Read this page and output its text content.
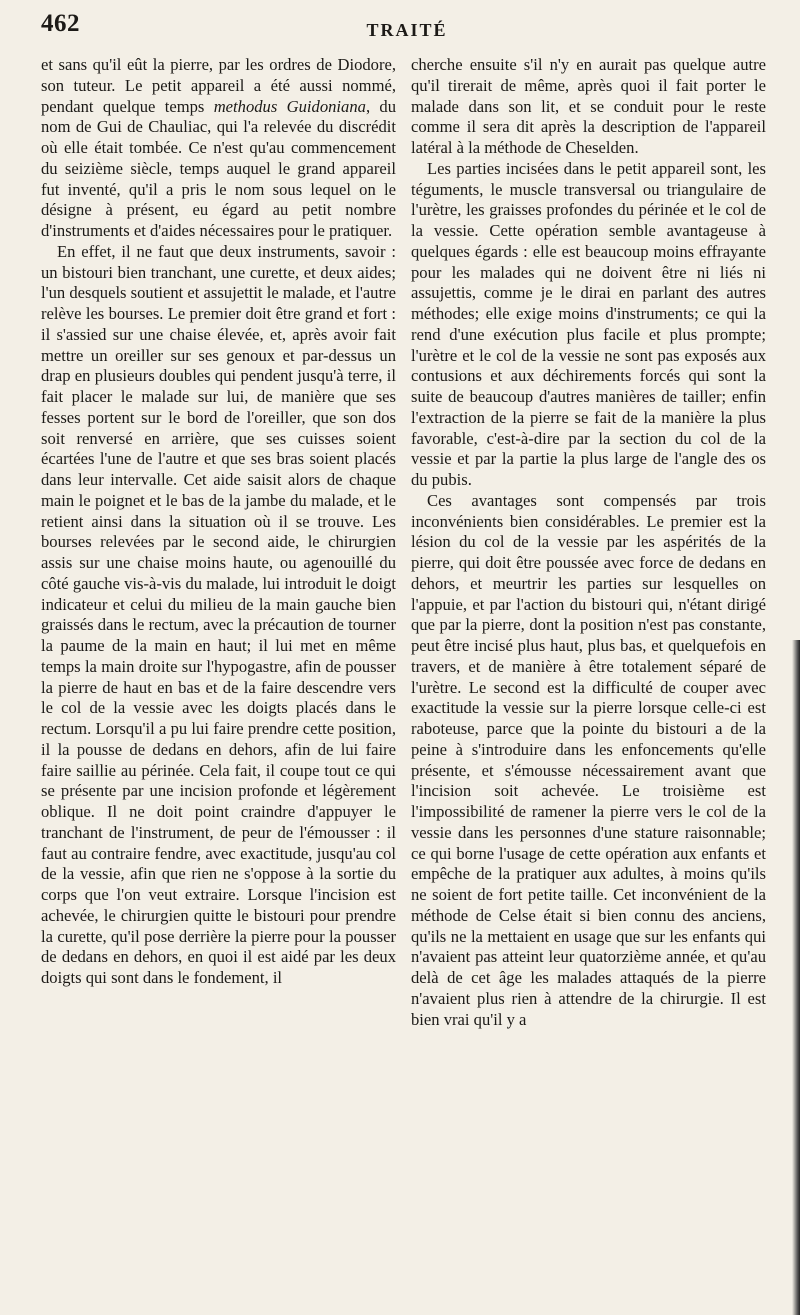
462	TRAITÉ

et sans qu'il eût la pierre, par les ordres de Diodore, son tuteur. Le petit appareil a été aussi nommé, pendant quelque temps methodus Guidoniana, du nom de Gui de Chauliac, qui l'a relevée du discrédit où elle était tombée. Ce n'est qu'au commencement du seizième siècle, temps auquel le grand appareil fut inventé, qu'il a pris le nom sous lequel on le désigne à présent, eu égard au petit nombre d'instruments et d'aides nécessaires pour le pratiquer.

En effet, il ne faut que deux instruments, savoir : un bistouri bien tranchant, une curette, et deux aides; l'un desquels soutient et assujettit le malade, et l'autre relève les bourses. Le premier doit être grand et fort : il s'assied sur une chaise élevée, et, après avoir fait mettre un oreiller sur ses genoux et par-dessus un drap en plusieurs doubles qui pendent jusqu'à terre, il fait placer le malade sur lui, de manière que ses fesses portent sur le bord de l'oreiller, que son dos soit renversé en arrière, que ses cuisses soient écartées l'une de l'autre et que ses bras soient placés dans leur intervalle. Cet aide saisit alors de chaque main le poignet et le bas de la jambe du malade, et le retient ainsi dans la situation où il se trouve. Les bourses relevées par le second aide, le chirurgien assis sur une chaise moins haute, ou agenouillé du côté gauche vis-à-vis du malade, lui introduit le doigt indicateur et celui du milieu de la main gauche bien graissés dans le rectum, avec la précaution de tourner la paume de la main en haut; il lui met en même temps la main droite sur l'hypogastre, afin de pousser la pierre de haut en bas et de la faire descendre vers le col de la vessie avec les doigts placés dans le rectum. Lorsqu'il a pu lui faire prendre cette position, il la pousse de dedans en dehors, afin de lui faire faire saillie au périnée. Cela fait, il coupe tout ce qui se présente par une incision profonde et légèrement oblique. Il ne doit point craindre d'appuyer le tranchant de l'instrument, de peur de l'émousser : il faut au contraire fendre, avec exactitude, jusqu'au col de la vessie, afin que rien ne s'oppose à la sortie du corps que l'on veut extraire. Lorsque l'incision est achevée, le chirurgien quitte le bistouri pour prendre la curette, qu'il pose derrière la pierre pour la pousser de dedans en dehors, en quoi il est aidé par les deux doigts qui sont dans le fondement, il

cherche ensuite s'il n'y en aurait pas quelque autre qu'il tirerait de même, après quoi il fait porter le malade dans son lit, et se conduit pour le reste comme il sera dit après la description de l'appareil latéral à la méthode de Cheselden.

Les parties incisées dans le petit appareil sont, les téguments, le muscle transversal ou triangulaire de l'urètre, les graisses profondes du périnée et le col de la vessie. Cette opération semble avantageuse à quelques égards : elle est beaucoup moins effrayante pour les malades qui ne doivent être ni liés ni assujettis, comme je le dirai en parlant des autres méthodes; elle exige moins d'instruments; ce qui la rend d'une exécution plus facile et plus prompte; l'urètre et le col de la vessie ne sont pas exposés aux contusions et aux déchirements forcés qui sont la suite de beaucoup d'autres manières de tailler; enfin l'extraction de la pierre se fait de la manière la plus favorable, c'est-à-dire par la section du col de la vessie et par la partie la plus large de l'angle des os du pubis.

Ces avantages sont compensés par trois inconvénients bien considérables. Le premier est la lésion du col de la vessie par les aspérités de la pierre, qui doit être poussée avec force de dedans en dehors, et meurtrir les parties sur lesquelles on l'appuie, et par l'action du bistouri qui, n'étant dirigé que par la pierre, dont la position n'est pas constante, peut être incisé plus haut, plus bas, et quelquefois en travers, et de manière à être totalement séparé de l'urètre. Le second est la difficulté de couper avec exactitude la vessie sur la pierre lorsque celle-ci est raboteuse, parce que la pointe du bistouri a de la peine à s'introduire dans les enfoncements qu'elle présente, et s'émousse nécessairement avant que l'incision soit achevée. Le troisième est l'impossibilité de ramener la pierre vers le col de la vessie dans les personnes d'une stature raisonnable; ce qui borne l'usage de cette opération aux enfants et empêche de la pratiquer aux adultes, à moins qu'ils ne soient de fort petite taille. Cet inconvénient de la méthode de Celse était si bien connu des anciens, qu'ils ne la mettaient en usage que sur les enfants qui n'avaient pas atteint leur quatorzième année, et qu'au delà de cet âge les malades attaqués de la pierre n'avaient plus rien à attendre de la chirurgie. Il est bien vrai qu'il y a
